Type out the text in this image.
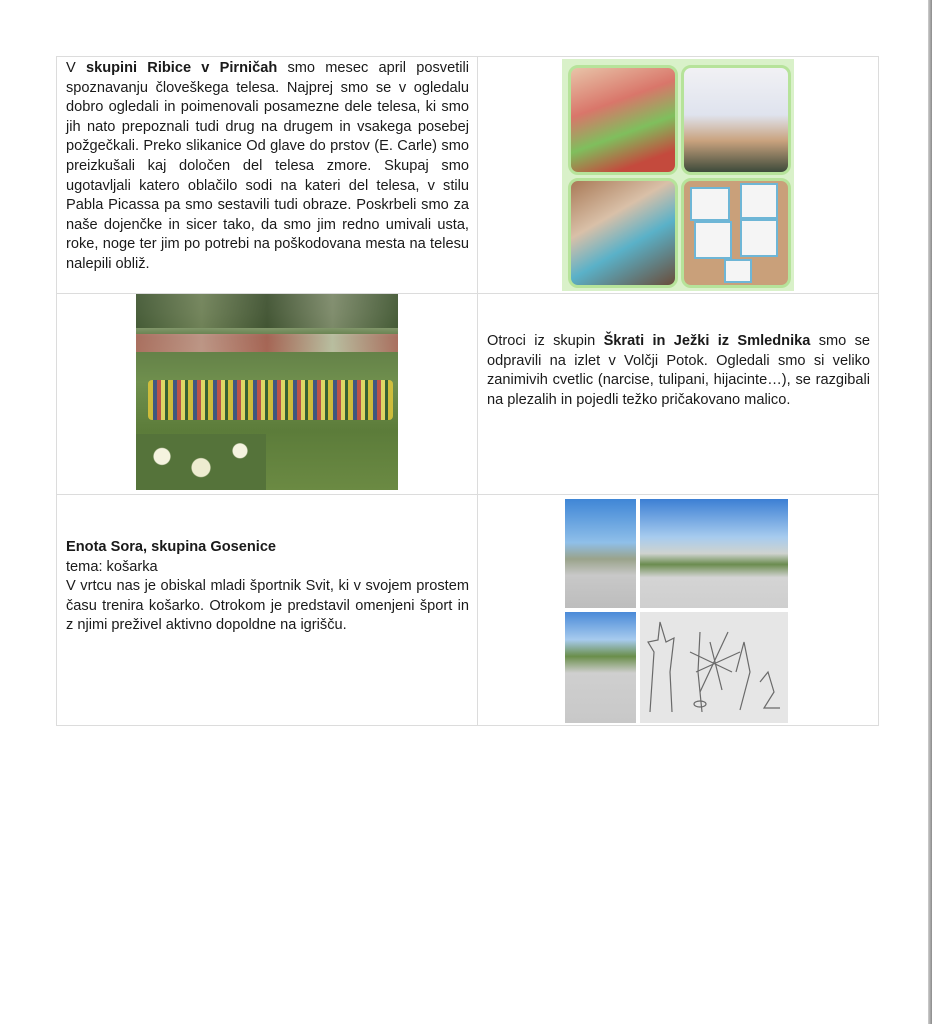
V skupini Ribice v Pirničah smo mesec april posvetili spoznavanju človeškega telesa. Najprej smo se v ogledalu dobro ogledali in poimenovali posamezne dele telesa, ki smo jih nato prepoznali tudi drug na drugem in vsakega posebej požgečkali. Preko slikanice Od glave do prstov (E. Carle) smo preizkušali kaj določen del telesa zmore. Skupaj smo ugotavljali katero oblačilo sodi na kateri del telesa, v stilu Pabla Picassa pa smo sestavili tudi obraze. Poskrbeli smo za naše dojenčke in sicer tako, da smo jim redno umivali usta, roke, noge ter jim po potrebi na poškodovana mesta na telesu nalepili obliž.	

	Otroci iz skupin Škrati in Ježki iz Smlednika smo se odpravili na izlet v Volčji Potok. Ogledali smo si veliko zanimivih cvetlic (narcise, tulipani, hijacinte…), se razgibali na plezalih in pojedli težko pričakovano malico.

Enota Sora, skupina Gosenice
tema: košarka
V vrtcu nas je obiskal mladi športnik Svit, ki v svojem prostem času trenira košarko. Otrokom je predstavil omenjeni šport in z njimi preživel aktivno dopoldne na igrišču.
